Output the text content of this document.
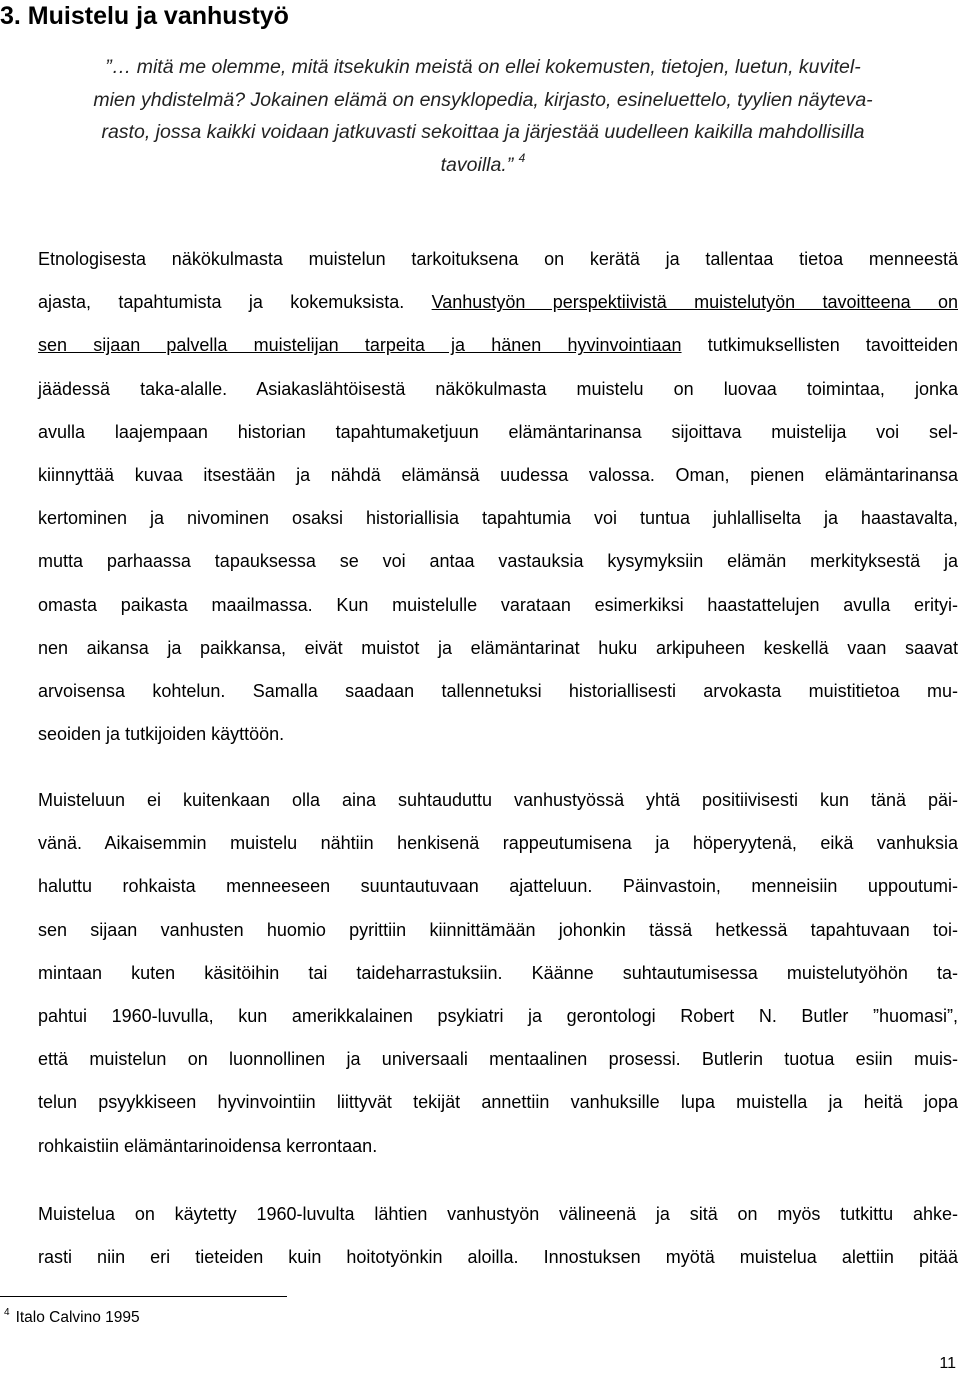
3. Muistelu ja vanhustyö
”… mitä me olemme, mitä itsekukin meistä on ellei kokemusten, tietojen, luetun, kuvitel-
mien yhdistelmä? Jokainen elämä on ensyklopedia, kirjasto, esineluettelo, tyylien näyteva-
rasto, jossa kaikki voidaan jatkuvasti sekoittaa ja järjestää uudelleen kaikilla mahdollisilla
tavoilla.” $^4$
Etnologisesta näkökulmasta muistelun tarkoituksena on kerätä ja tallentaa tietoa menneestä
ajasta, tapahtumista ja kokemuksista. Vanhustyön perspektiivistä muistelutyön tavoitteena on
sen sijaan palvella muistelijan tarpeita ja hänen hyvinvointiaan tutkimuksellisten tavoitteiden
jäädessä taka-alalle. Asiakaslähtöisestä näkökulmasta muistelu on luovaa toimintaa, jonka
avulla laajempaan historian tapahtumaketjuun elämäntarinansa sijoittava muistelija voi sel-
kiinnyttää kuvaa itsestään ja nähdä elämänsä uudessa valossa. Oman, pienen elämäntarinansa
kertominen ja nivominen osaksi historiallisia tapahtumia voi tuntua juhlalliselta ja haastavalta,
mutta parhaassa tapauksessa se voi antaa vastauksia kysymyksiin elämän merkityksestä ja
omasta paikasta maailmassa. Kun muistelulle varataan esimerkiksi haastattelujen avulla erityi-
nen aikansa ja paikkansa, eivät muistot ja elämäntarinat huku arkipuheen keskellä vaan saavat
arvoisensa kohtelun. Samalla saadaan tallennetuksi historiallisesti arvokasta muistitietoa mu-
seoiden ja tutkijoiden käyttöön.
Muisteluun ei kuitenkaan olla aina suhtauduttu vanhustyössä yhtä positiivisesti kun tänä päi-
vänä. Aikaisemmin muistelu nähtiin henkisenä rappeutumisena ja höperyytenä, eikä vanhuksia
haluttu rohkaista menneeseen suuntautuvaan ajatteluun. Päinvastoin, menneisiin uppoutumi-
sen sijaan vanhusten huomio pyrittiin kiinnittämään johonkin tässä hetkessä tapahtuvaan toi-
mintaan kuten käsitöihin tai taideharrastuksiin. Käänne suhtautumisessa muistelutyöhön ta-
pahtui 1960-luvulla, kun amerikkalainen psykiatri ja gerontologi Robert N. Butler ”huomasi”,
että muistelun on luonnollinen ja universaali mentaalinen prosessi. Butlerin tuotua esiin muis-
telun psyykkiseen hyvinvointiin liittyvät tekijät annettiin vanhuksille lupa muistella ja heitä jopa
rohkaistiin elämäntarinoidensa kerrontaan.
Muistelua on käytetty 1960-luvulta lähtien vanhustyön välineenä ja sitä on myös tutkittu ahke-
rasti niin eri tieteiden kuin hoitotyönkin aloilla. Innostuksen myötä muistelua alettiin pitää
$^4$ Italo Calvino 1995
11
